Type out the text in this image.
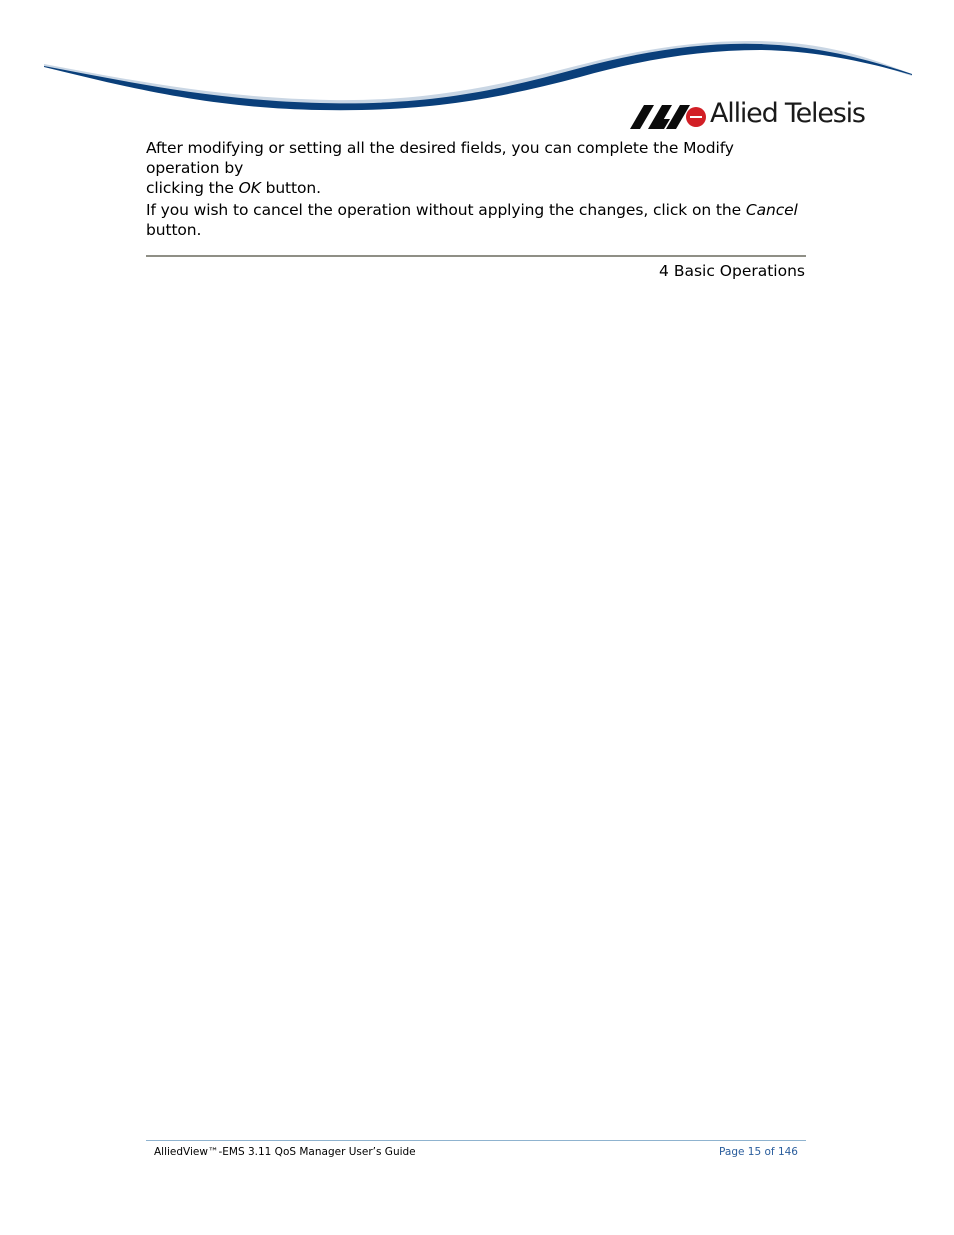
Allied Telesis
After modifying or setting all the desired fields, you can complete the Modify operation by
clicking the OK button.
If you wish to cancel the operation without applying the changes, click on the Cancel button.
4 Basic Operations
AlliedView™-EMS 3.11 QoS Manager User’s Guide	Page 15 of 146
